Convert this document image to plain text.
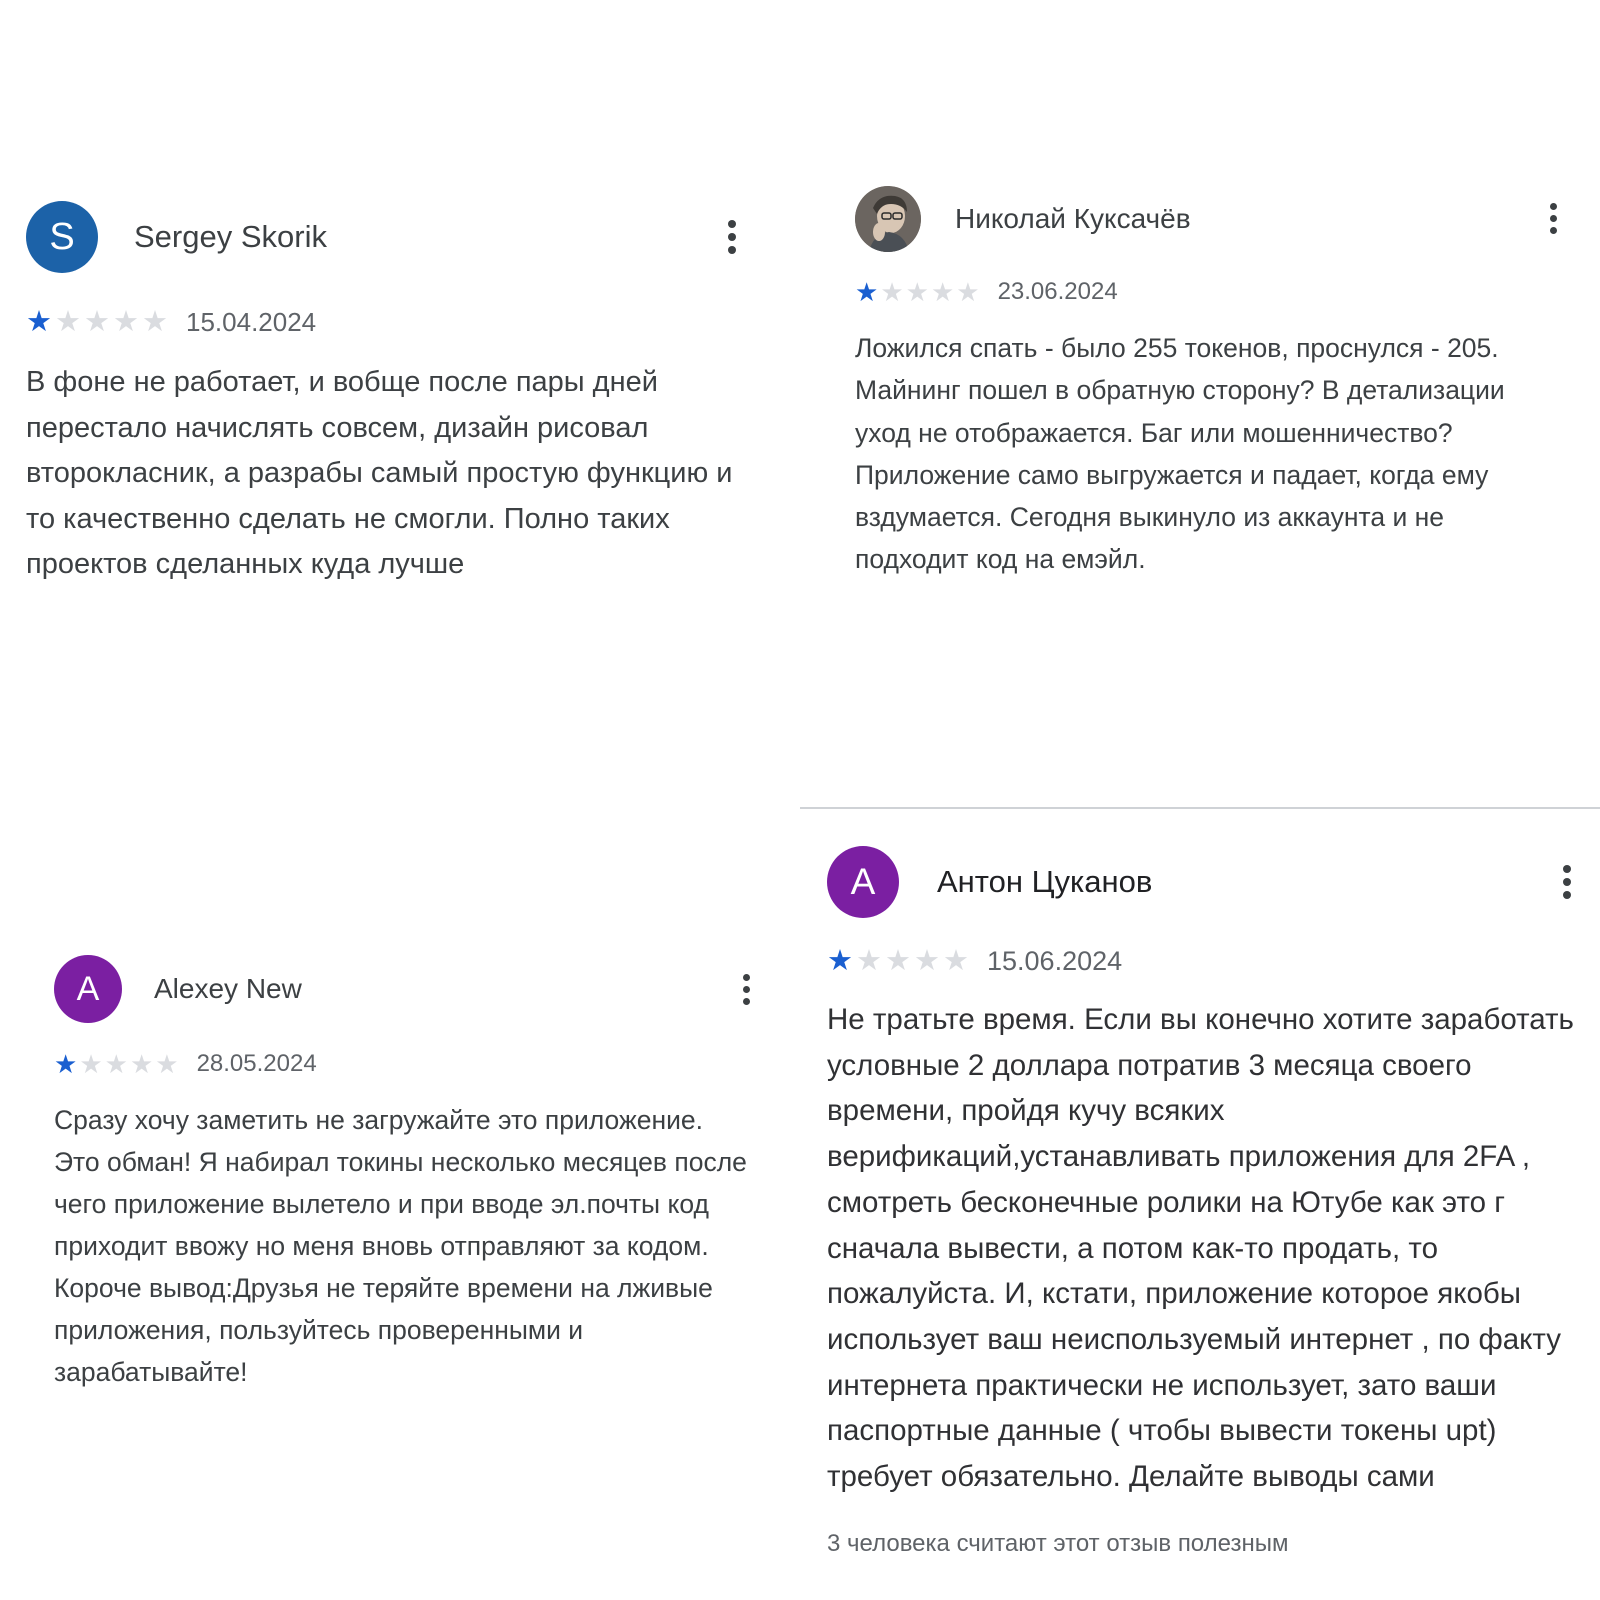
S Sergey Skorik
★ ★ ★ ★ ★ 15.04.2024

В фоне не работает, и вобще после пары дней перестало начислять совсем, дизайн рисовал второкласник, а разрабы самый простую функцию и то качественно сделать не смогли. Полно таких проектов сделанных куда лучше

Николай Куксачёв
★ ★ ★ ★ ★ 23.06.2024

Ложился спать - было 255 токенов, проснулся - 205. Майнинг пошел в обратную сторону? В детализации уход не отображается. Баг или мошенничество? Приложение само выгружается и падает, когда ему вздумается. Сегодня выкинуло из аккаунта и не подходит код на емэйл.

A Alexey New
★ ★ ★ ★ ★ 28.05.2024

Сразу хочу заметить не загружайте это приложение. Это обман! Я набирал токины несколько месяцев после чего приложение вылетело и при вводе эл.почты код приходит ввожу но меня вновь отправляют за кодом. Короче вывод:Друзья не теряйте времени на лживые приложения, пользуйтесь проверенными и зарабатывайте!

А Антон Цуканов
★ ★ ★ ★ ★ 15.06.2024

Не тратьте время. Если вы конечно хотите заработать условные 2 доллара потратив 3 месяца своего времени, пройдя кучу всяких верификаций,устанавливать приложения для 2FA , смотреть бесконечные ролики на Ютубе как это г сначала вывести, а потом как-то продать, то пожалуйста. И, кстати, приложение которое якобы использует ваш неиспользуемый интернет , по факту интернета практически не использует, зато ваши паспортные данные ( чтобы вывести токены upt) требует обязательно. Делайте выводы сами

3 человека считают этот отзыв полезным
